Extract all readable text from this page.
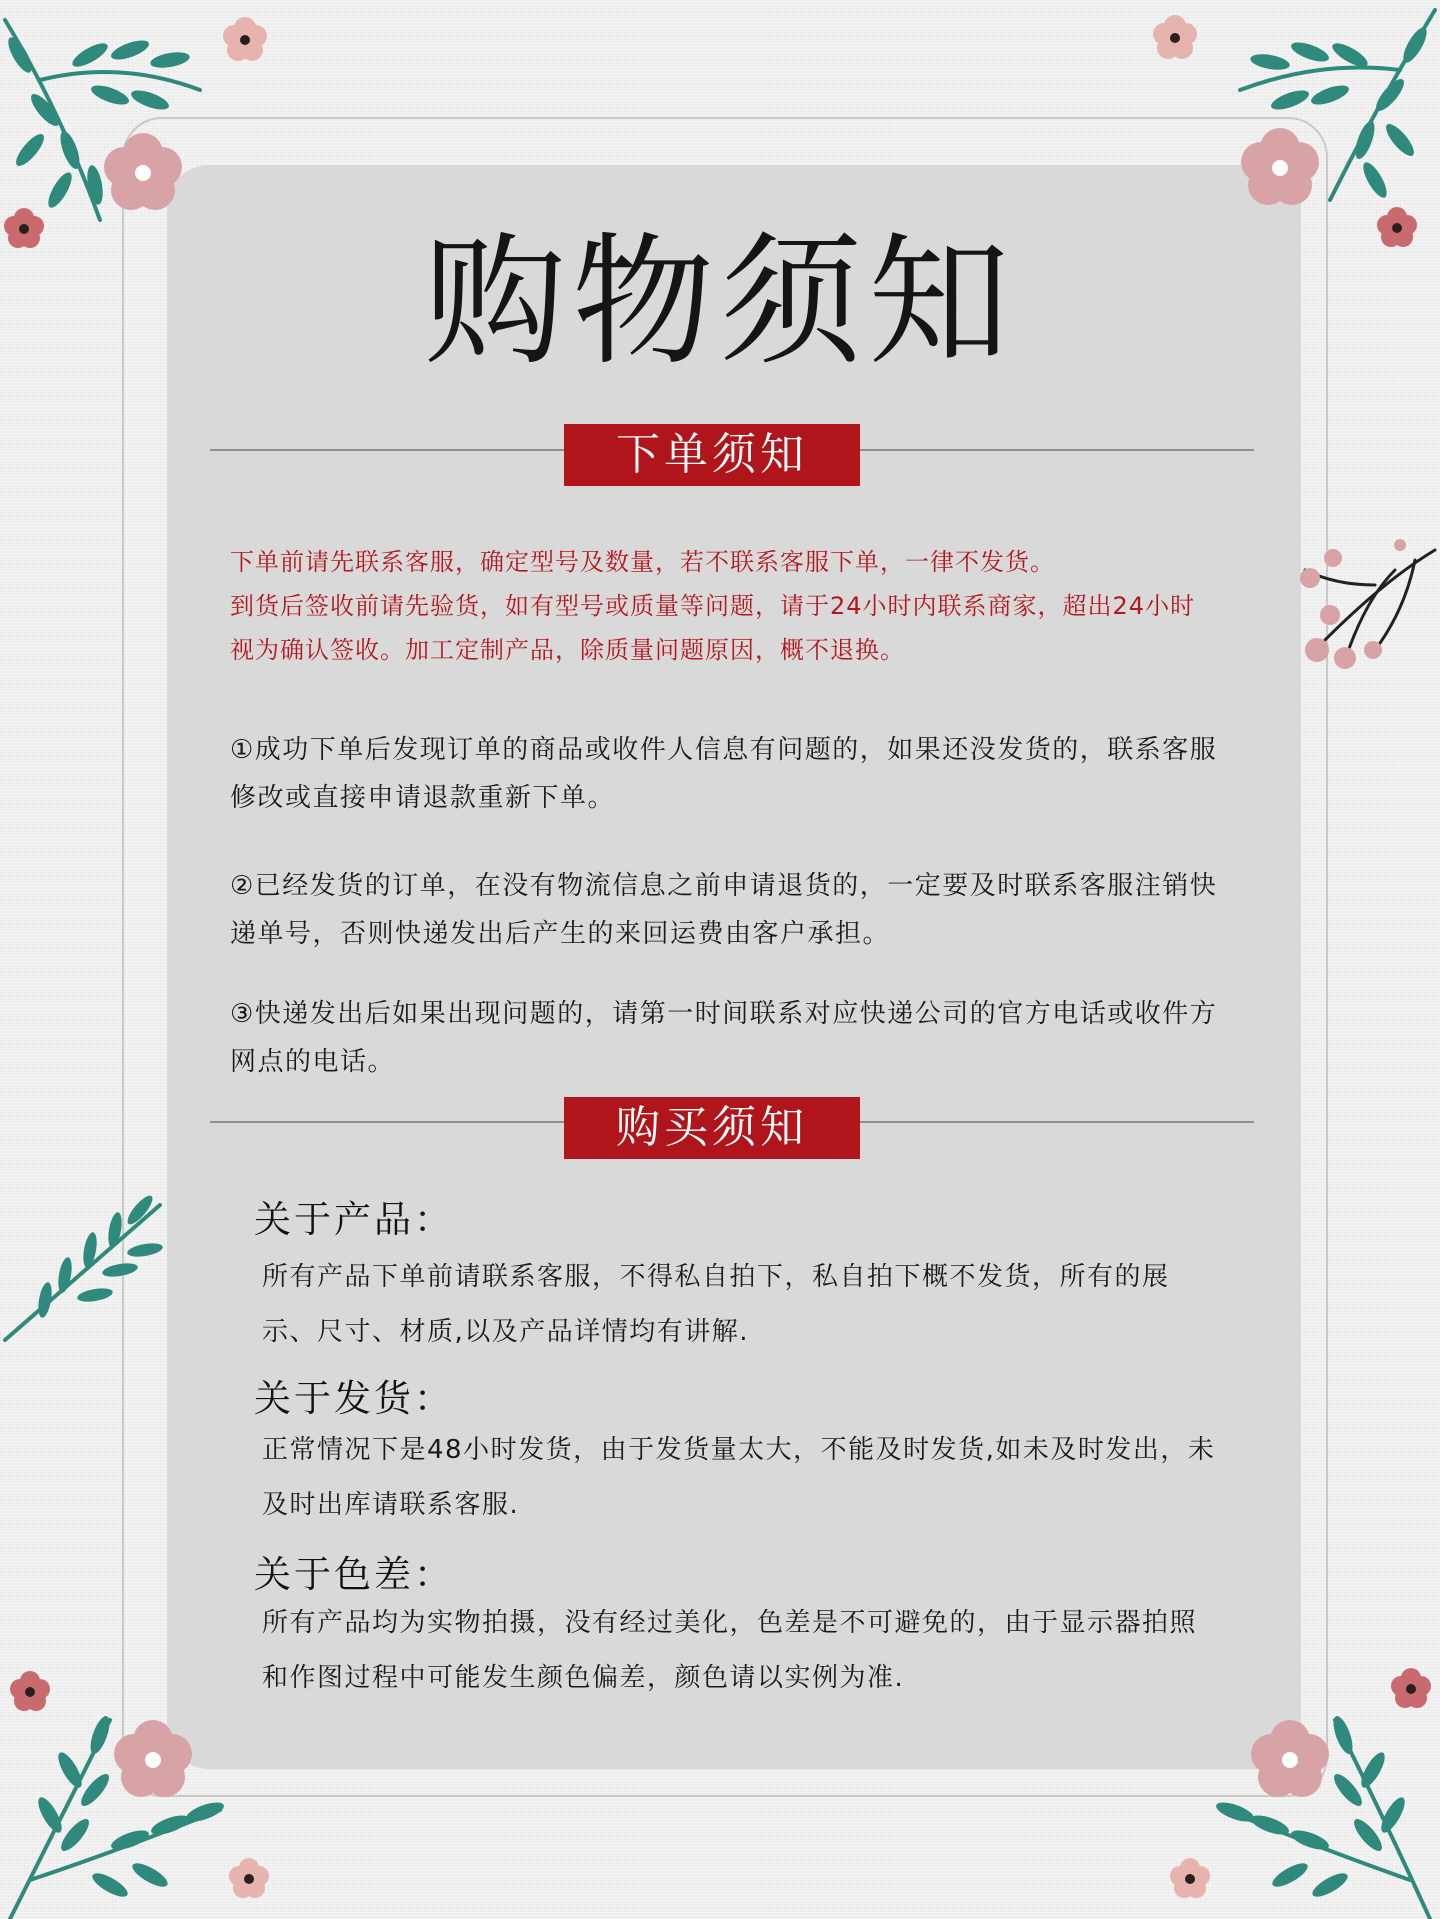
购物须知
下单须知

下单前请先联系客服，确定型号及数量，若不联系客服下单，一律不发货。

到货后签收前请先验货，如有型号或质量等问题，请于24小时内联系商家，超出24小时

视为确认签收。加工定制产品，除质量问题原因，概不退换。

①成功下单后发现订单的商品或收件人信息有问题的，如果还没发货的，联系客服修改或直接申请退款重新下单。
②已经发货的订单，在没有物流信息之前申请退货的，一定要及时联系客服注销快递单号，否则快递发出后产生的来回运费由客户承担。
③快递发出后如果出现问题的，请第一时间联系对应快递公司的官方电话或收件方网点的电话。
购买须知
关于产品：
所有产品下单前请联系客服，不得私自拍下，私自拍下概不发货，所有的展示、尺寸、材质,以及产品详情均有讲解.
关于发货：
正常情况下是48小时发货，由于发货量太大，不能及时发货,如未及时发出，未及时出库请联系客服.
关于色差：
所有产品均为实物拍摄，没有经过美化，色差是不可避免的，由于显示器拍照和作图过程中可能发生颜色偏差，颜色请以实例为准.
